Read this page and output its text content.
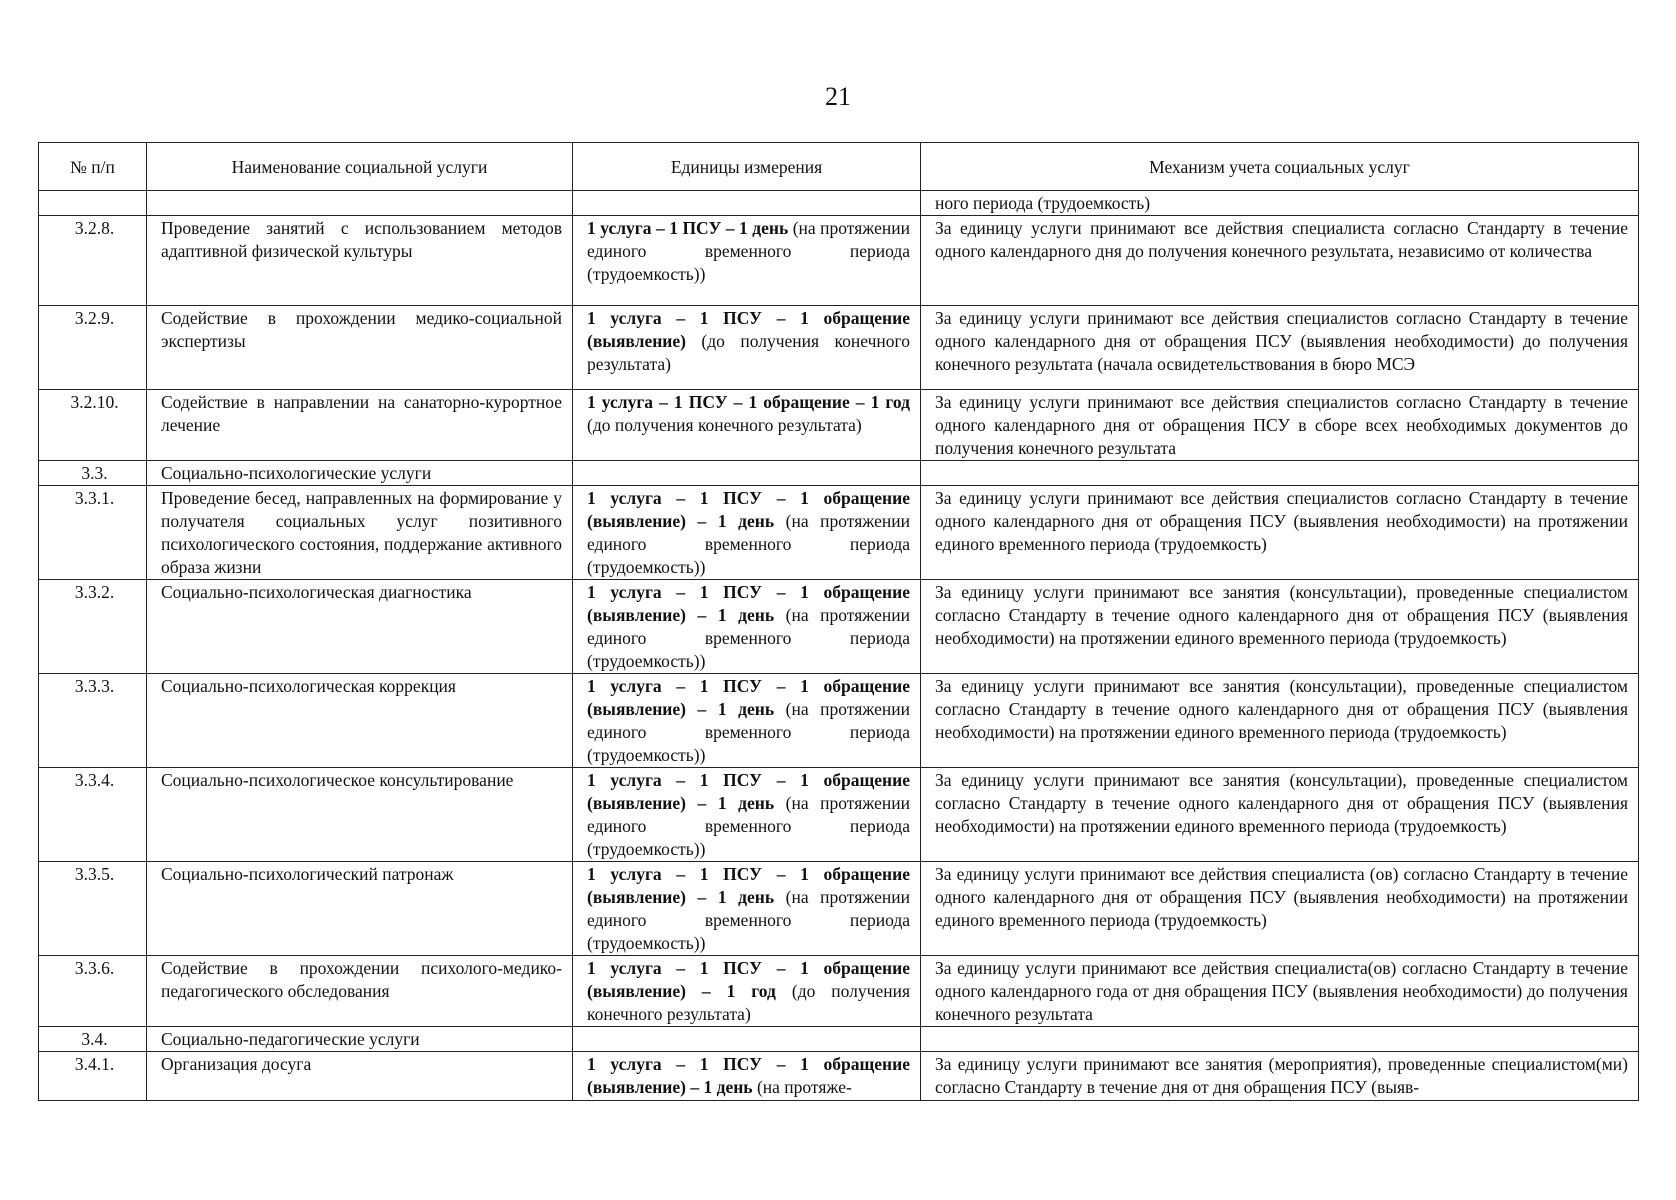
21
№ п/п	Наименование социальной услуги	Единицы измерения	Механизм учета социальных услуг
			ного периода (трудоемкость)
3.2.8.	Проведение занятий с использованием методов адаптивной физической культуры	1 услуга – 1 ПСУ – 1 день (на протяжении единого временного периода (трудоемкость))	За единицу услуги принимают все действия специалиста согласно Стандарту в течение одного календарного дня до получения конечного результата, независимо от количества
3.2.9.	Содействие в прохождении медико-социальной экспертизы	1 услуга – 1 ПСУ – 1 обращение (выявление) (до получения конечного результата)	За единицу услуги принимают все действия специалистов согласно Стандарту в течение одного календарного дня от обращения ПСУ (выявления необходимости) до получения конечного результата (начала освидетельствования в бюро МСЭ
3.2.10.	Содействие в направлении на санаторно-курортное лечение	1 услуга – 1 ПСУ – 1 обращение – 1 год (до получения конечного результата)	За единицу услуги принимают все действия специалистов согласно Стандарту в течение одного календарного дня от обращения ПСУ в сборе всех необходимых документов до получения конечного результата
3.3.	Социально-психологические услуги		
3.3.1.	Проведение бесед, направленных на формирование у получателя социальных услуг позитивного психологического состояния, поддержание активного образа жизни	1 услуга – 1 ПСУ – 1 обращение (выявление) – 1 день (на протяжении единого временного периода (трудоемкость))	За единицу услуги принимают все действия специалистов согласно Стандарту в течение одного календарного дня от обращения ПСУ (выявления необходимости) на протяжении единого временного периода (трудоемкость)
3.3.2.	Социально-психологическая диагностика	1 услуга – 1 ПСУ – 1 обращение (выявление) – 1 день (на протяжении единого временного периода (трудоемкость))	За единицу услуги принимают все занятия (консультации), проведенные специалистом согласно Стандарту в течение одного календарного дня от обращения ПСУ (выявления необходимости) на протяжении единого временного периода (трудоемкость)
3.3.3.	Социально-психологическая коррекция	1 услуга – 1 ПСУ – 1 обращение (выявление) – 1 день (на протяжении единого временного периода (трудоемкость))	За единицу услуги принимают все занятия (консультации), проведенные специалистом согласно Стандарту в течение одного календарного дня от обращения ПСУ (выявления необходимости) на протяжении единого временного периода (трудоемкость)
3.3.4.	Социально-психологическое консультирование	1 услуга – 1 ПСУ – 1 обращение (выявление) – 1 день (на протяжении единого временного периода (трудоемкость))	За единицу услуги принимают все занятия (консультации), проведенные специалистом согласно Стандарту в течение одного календарного дня от обращения ПСУ (выявления необходимости) на протяжении единого временного периода (трудоемкость)
3.3.5.	Социально-психологический патронаж	1 услуга – 1 ПСУ – 1 обращение (выявление) – 1 день (на протяжении единого временного периода (трудоемкость))	За единицу услуги принимают все действия специалиста (ов) согласно Стандарту в течение одного календарного дня от обращения ПСУ (выявления необходимости) на протяжении единого временного периода (трудоемкость)
3.3.6.	Содействие в прохождении психолого-медико-педагогического обследования	1 услуга – 1 ПСУ – 1 обращение (выявление) – 1 год (до получения конечного результата)	За единицу услуги принимают все действия специалиста(ов) согласно Стандарту в течение одного календарного года от дня обращения ПСУ (выявления необходимости) до получения конечного результата
3.4.	Социально-педагогические услуги		
3.4.1.	Организация досуга	1 услуга – 1 ПСУ – 1 обращение (выявление) – 1 день (на протяже-	За единицу услуги принимают все занятия (мероприятия), проведенные специалистом(ми) согласно Стандарту в течение дня от дня обращения ПСУ (выяв-
